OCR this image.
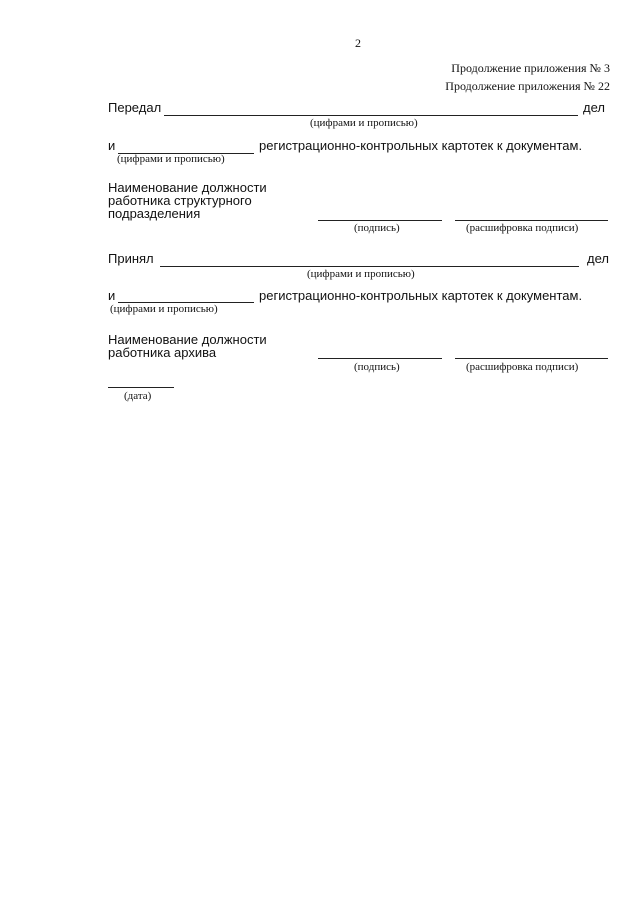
2
Продолжение приложения № 3
Продолжение приложения № 22
Передал	дел
(цифрами и прописью)
и	регистрационно-контрольных картотек к документам.
(цифрами и прописью)
Наименование должности
работника структурного
подразделения
(подпись)	(расшифровка подписи)
Принял	дел
(цифрами и прописью)
и	регистрационно-контрольных картотек к документам.
(цифрами и прописью)
Наименование должности
работника архива
(подпись)	(расшифровка подписи)
(дата)
